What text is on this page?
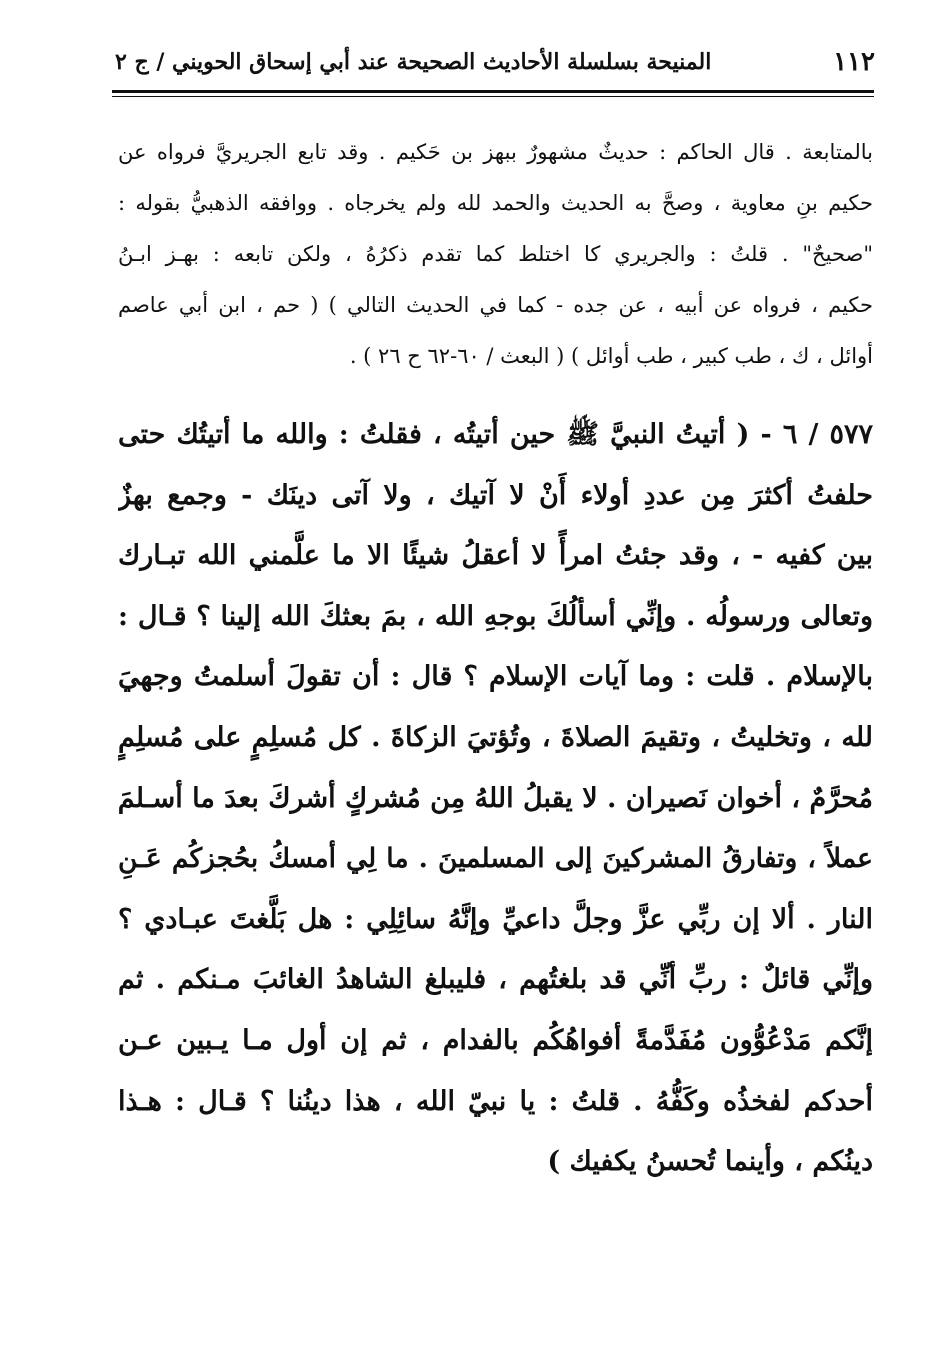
١١٢
المنيحة بسلسلة الأحاديث الصحيحة عند أبي إسحاق الحويني / ج ٢
بالمتابعة . قال الحاكم : حديثٌ مشهورٌ ببهز بن حَكيم . وقد تابع الجريريَّ فرواه عن
حكيم بنِ معاوية ، وصحَّ به الحديث والحمد لله ولم يخرجاه . ووافقه الذهبيُّ بقوله :
"صحيحٌ" . قلتُ : والجريري كا اختلط كما تقدم ذكرُهُ ، ولكن تابعه : بهـز ابـنُ
حكيم ، فرواه عن أبيه ، عن جده - كما في الحديث التالي ) ( حم ، ابن أبي عاصم
أوائل ، ك ، طب كبير ، طب أوائل ) ( البعث / ٦٠-٦٢ ح ٢٦ ) .
٥٧٧ / ٦ - ( أتيتُ النبيَّ ﷺ حين أتيتُه ، فقلتُ : والله ما أتيتُك حتى
حلفتُ أكثرَ مِن عددِ أولاء أَنْ لا آتيك ، ولا آتى دينَك - وجمع بهزٌ
بين كفيه - ، وقد جئتُ امرأً لا أعقلُ شيئًا الا ما علَّمني الله تبـارك
وتعالى ورسولُه . وإنِّي أسألُكَ بوجهِ الله ، بمَ بعثكَ الله إلينا ؟ قـال :
بالإسلام . قلت : وما آيات الإسلام ؟ قال : أن تقولَ أسلمتُ وجهيَ
لله ، وتخليتُ ، وتقيمَ الصلاةَ ، وتُؤتيَ الزكاةَ . كل مُسلِمٍ على مُسلِمٍ
مُحرَّمٌ ، أخوان نَصيران . لا يقبلُ اللهُ مِن مُشركٍ أشركَ بعدَ ما أسـلمَ
عملاً ، وتفارقُ المشركينَ إلى المسلمينَ . ما لِي أمسكُ بحُجزكُم عَـنِ
النار . ألا إن ربِّي عزَّ وجلَّ داعيِّ وإنَّهُ سائِلِي : هل بَلَّغتَ عبـادي ؟
وإنِّي قائلٌ : ربِّ أنِّي قد بلغتُهم ، فليبلغ الشاهدُ الغائبَ مـنكم . ثم
إنَّكم مَدْعُوُّون مُفَدَّمةً أفواهُكُم بالفدام ، ثم إن أول مـا يـبين عـن
أحدكم لفخذُه وكَفُّهُ . قلتُ : يا نبيّ الله ، هذا دينُنا ؟ قـال : هـذا
دينُكم ، وأينما تُحسنُ يكفيك )
